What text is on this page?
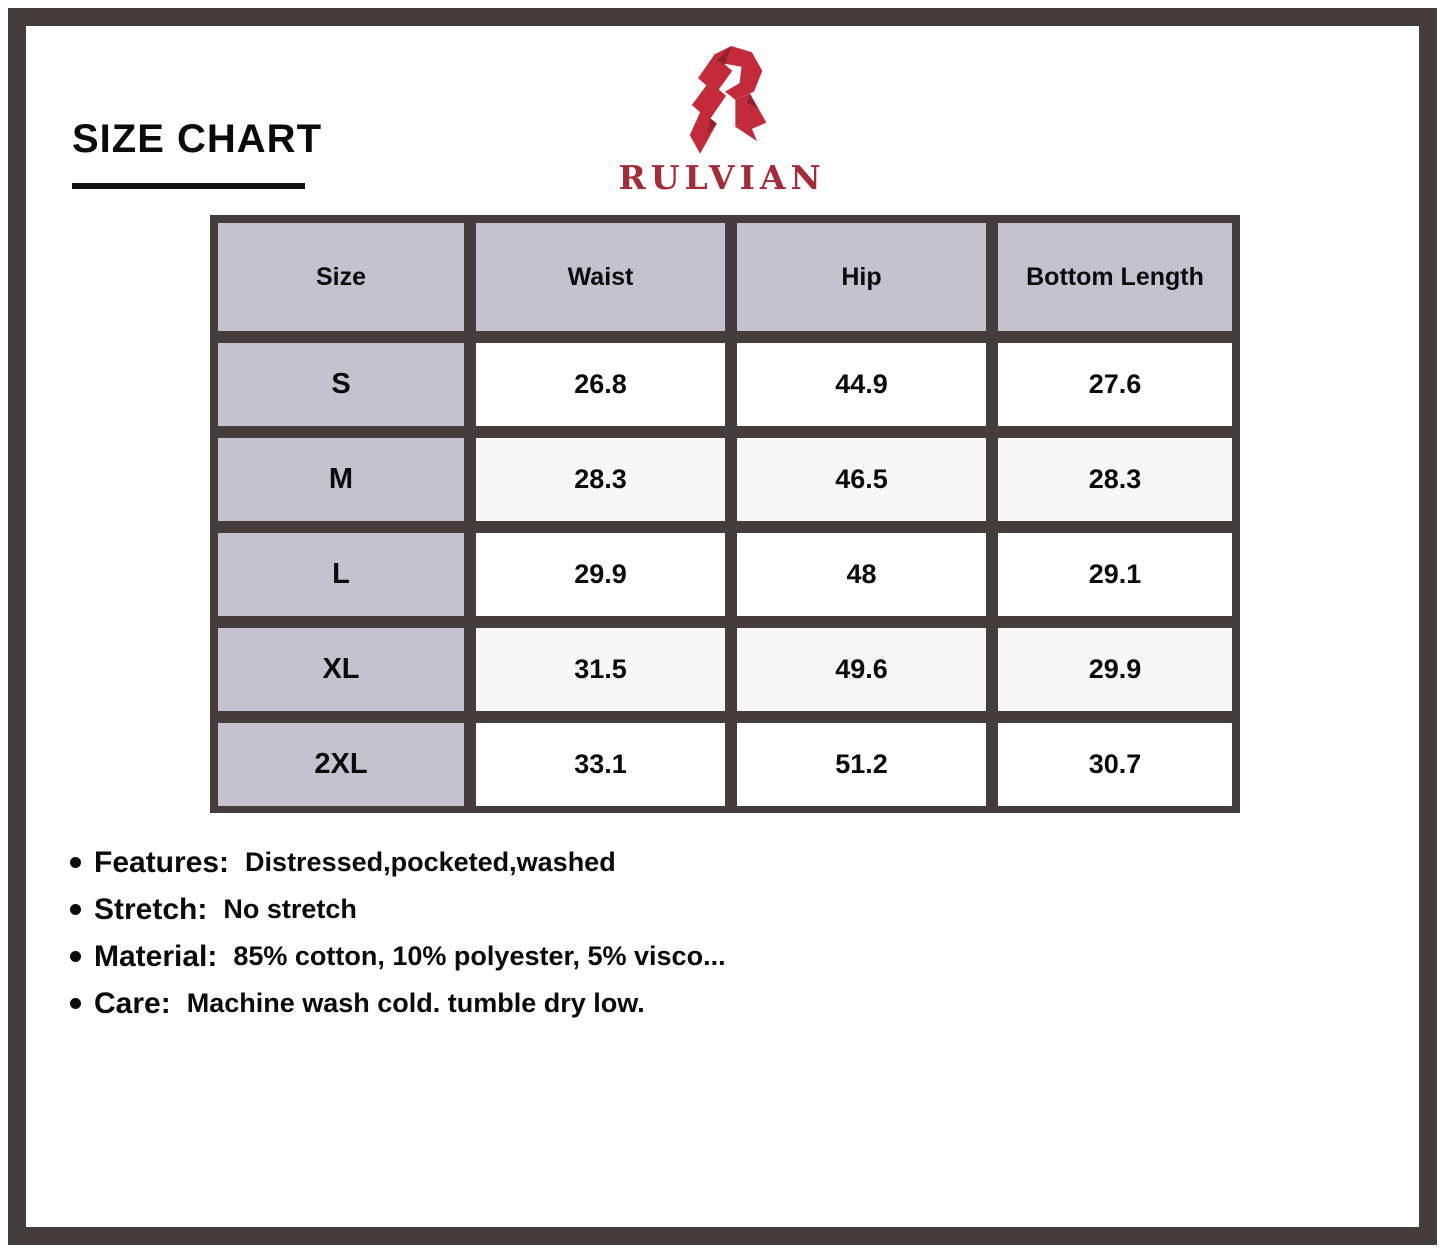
SIZE CHART
RULVIAN
Size	Waist	Hip	Bottom Length
S	26.8	44.9	27.6
M	28.3	46.5	28.3
L	29.9	48	29.1
XL	31.5	49.6	29.9
2XL	33.1	51.2	30.7
Features: Distressed,pocketed,washed
Stretch: No stretch
Material: 85% cotton, 10% polyester, 5% visco...
Care: Machine wash cold. tumble dry low.
